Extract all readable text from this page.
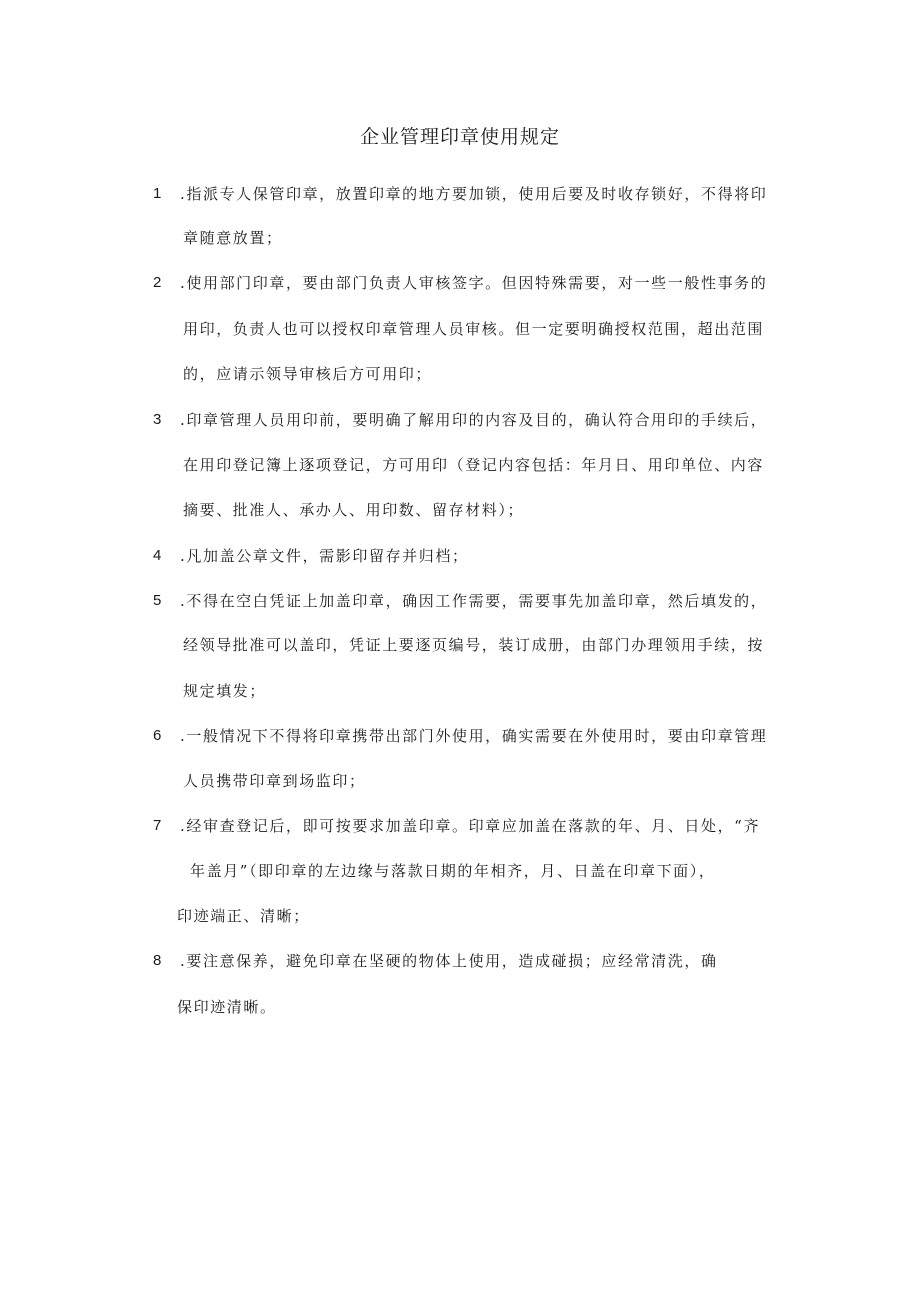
企业管理印章使用规定
1 .指派专人保管印章，放置印章的地方要加锁，使用后要及时收存锁好，不得将印
章随意放置；
2 .使用部门印章，要由部门负责人审核签字。但因特殊需要，对一些一般性事务的
用印，负责人也可以授权印章管理人员审核。但一定要明确授权范围，超出范围
的，应请示领导审核后方可用印；
3 .印章管理人员用印前，要明确了解用印的内容及目的，确认符合用印的手续后，
在用印登记簿上逐项登记，方可用印（登记内容包括：年月日、用印单位、内容
摘要、批准人、承办人、用印数、留存材料）；
4 .凡加盖公章文件，需影印留存并归档；
5 .不得在空白凭证上加盖印章，确因工作需要，需要事先加盖印章，然后填发的，
经领导批准可以盖印，凭证上要逐页编号，装订成册，由部门办理领用手续，按
规定填发；
6 .一般情况下不得将印章携带出部门外使用，确实需要在外使用时，要由印章管理
人员携带印章到场监印；
7 .经审查登记后，即可按要求加盖印章。印章应加盖在落款的年、月、日处，“齐
年盖月”（即印章的左边缘与落款日期的年相齐，月、日盖在印章下面），
印迹端正、清晰；
8 .要注意保养，避免印章在坚硬的物体上使用，造成碰损；应经常清洗，确
保印迹清晰。
